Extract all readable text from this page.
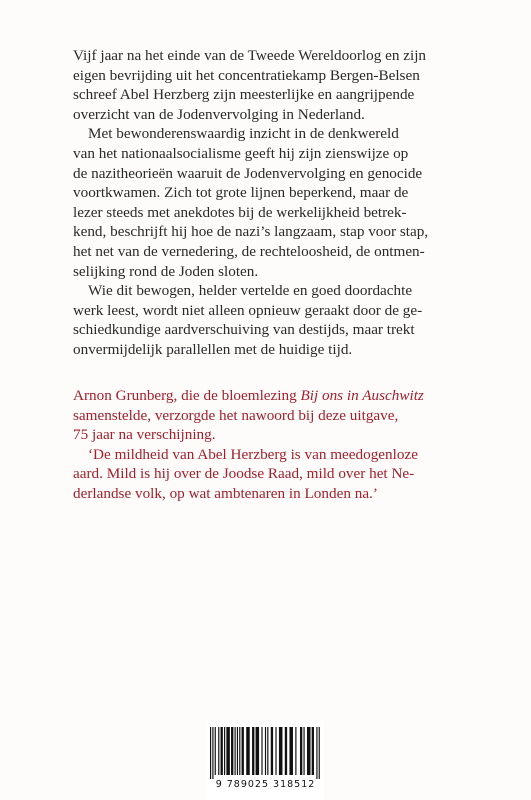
Vijf jaar na het einde van de Tweede Wereldoorlog en zijn
eigen bevrijding uit het concentratiekamp Bergen-Belsen
schreef Abel Herzberg zijn meesterlijke en aangrijpende
overzicht van de Jodenvervolging in Nederland.
Met bewonderenswaardig inzicht in de denkwereld
van het nationaalsocialisme geeft hij zijn zienswijze op
de nazitheorieën waaruit de Jodenvervolging en genocide
voortkwamen. Zich tot grote lijnen beperkend, maar de
lezer steeds met anekdotes bij de werkelijkheid betrek-
kend, beschrijft hij hoe de nazi’s langzaam, stap voor stap,
het net van de vernedering, de rechteloosheid, de ontmen-
selijking rond de Joden sloten.
Wie dit bewogen, helder vertelde en goed doordachte
werk leest, wordt niet alleen opnieuw geraakt door de ge-
schiedkundige aardverschuiving van destijds, maar trekt
onvermijdelijk parallellen met de huidige tijd.
Arnon Grunberg, die de bloemlezing Bij ons in Auschwitz
samenstelde, verzorgde het nawoord bij deze uitgave,
75 jaar na verschijning.
‘De mildheid van Abel Herzberg is van meedogenloze
aard. Mild is hij over de Joodse Raad, mild over het Ne-
derlandse volk, op wat ambtenaren in Londen na.’
9 789025 318512
